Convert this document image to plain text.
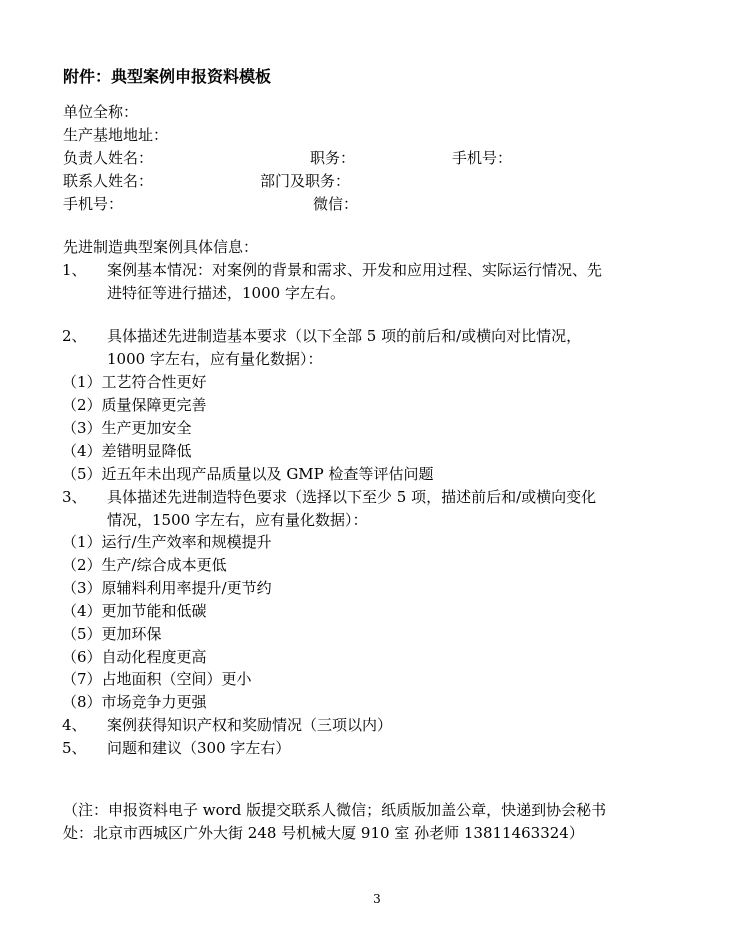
附件：典型案例申报资料模板
单位全称：
生产基地地址：
负责人姓名：	职务：	手机号：
联系人姓名：	部门及职务：
手机号：	微信：
先进制造典型案例具体信息：
1、 案例基本情况：对案例的背景和需求、开发和应用过程、实际运行情况、先
进特征等进行描述，1000 字左右。
2、 具体描述先进制造基本要求（以下全部 5 项的前后和/或横向对比情况，
1000 字左右，应有量化数据）：
（1）工艺符合性更好
（2）质量保障更完善
（3）生产更加安全
（4）差错明显降低
（5）近五年未出现产品质量以及 GMP 检查等评估问题
3、 具体描述先进制造特色要求（选择以下至少 5 项，描述前后和/或横向变化
情况，1500 字左右，应有量化数据）：
（1）运行/生产效率和规模提升
（2）生产/综合成本更低
（3）原辅料利用率提升/更节约
（4）更加节能和低碳
（5）更加环保
（6）自动化程度更高
（7）占地面积（空间）更小
（8）市场竞争力更强
4、 案例获得知识产权和奖励情况（三项以内）
5、 问题和建议（300 字左右）
（注：申报资料电子 word 版提交联系人微信；纸质版加盖公章，快递到协会秘书
处：北京市西城区广外大街 248 号机械大厦 910 室 孙老师 13811463324）
3
